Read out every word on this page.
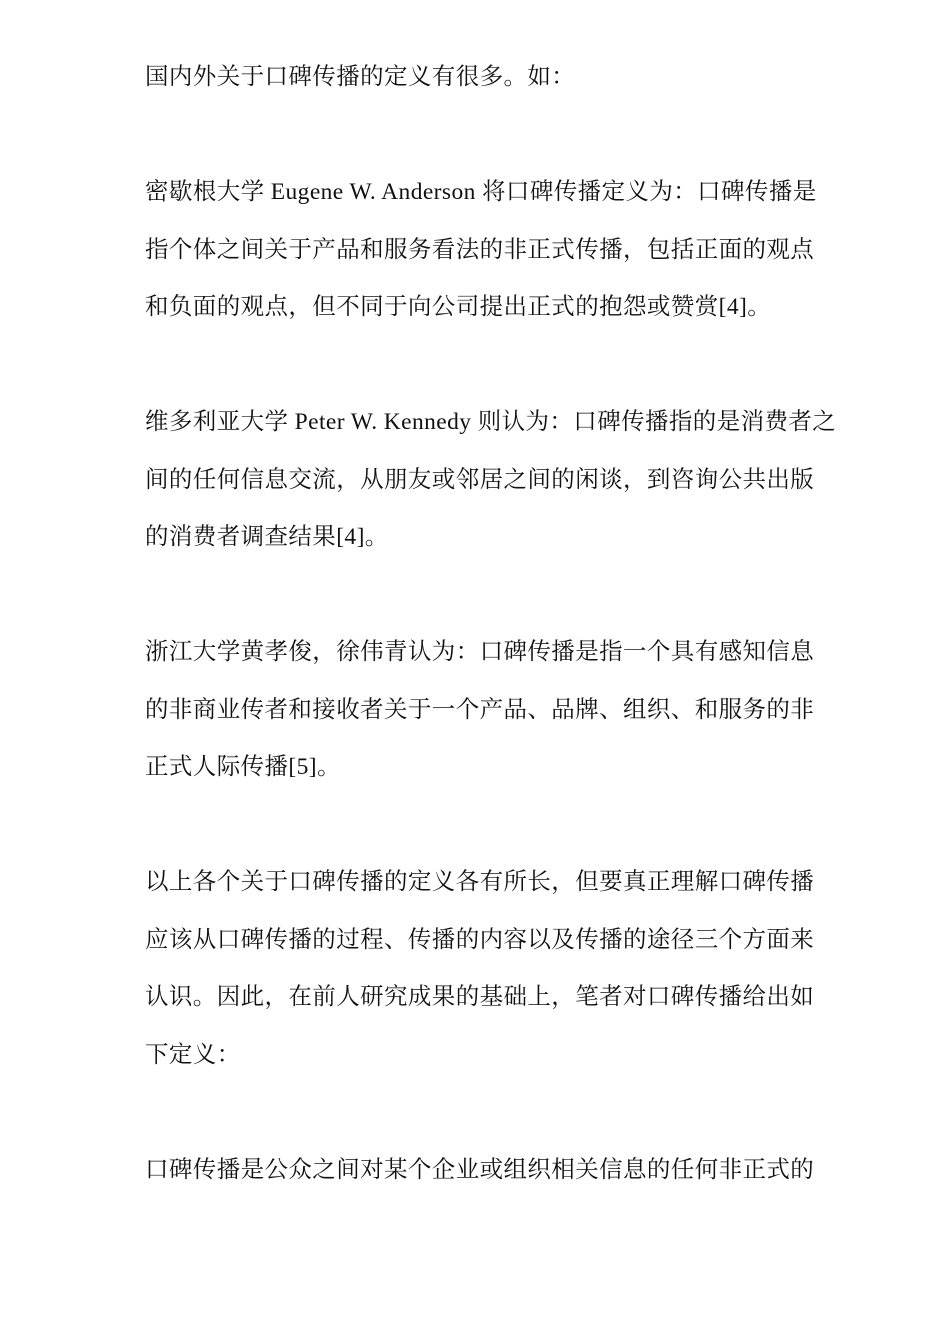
国内外关于口碑传播的定义有很多。如：
密歇根大学 Eugene W. Anderson 将口碑传播定义为：口碑传播是
指个体之间关于产品和服务看法的非正式传播，包括正面的观点
和负面的观点，但不同于向公司提出正式的抱怨或赞赏[4]。
维多利亚大学 Peter W. Kennedy 则认为：口碑传播指的是消费者之
间的任何信息交流，从朋友或邻居之间的闲谈，到咨询公共出版
的消费者调查结果[4]。
浙江大学黄孝俊，徐伟青认为：口碑传播是指一个具有感知信息
的非商业传者和接收者关于一个产品、品牌、组织、和服务的非
正式人际传播[5]。
以上各个关于口碑传播的定义各有所长，但要真正理解口碑传播
应该从口碑传播的过程、传播的内容以及传播的途径三个方面来
认识。因此，在前人研究成果的基础上，笔者对口碑传播给出如
下定义：
口碑传播是公众之间对某个企业或组织相关信息的任何非正式的
